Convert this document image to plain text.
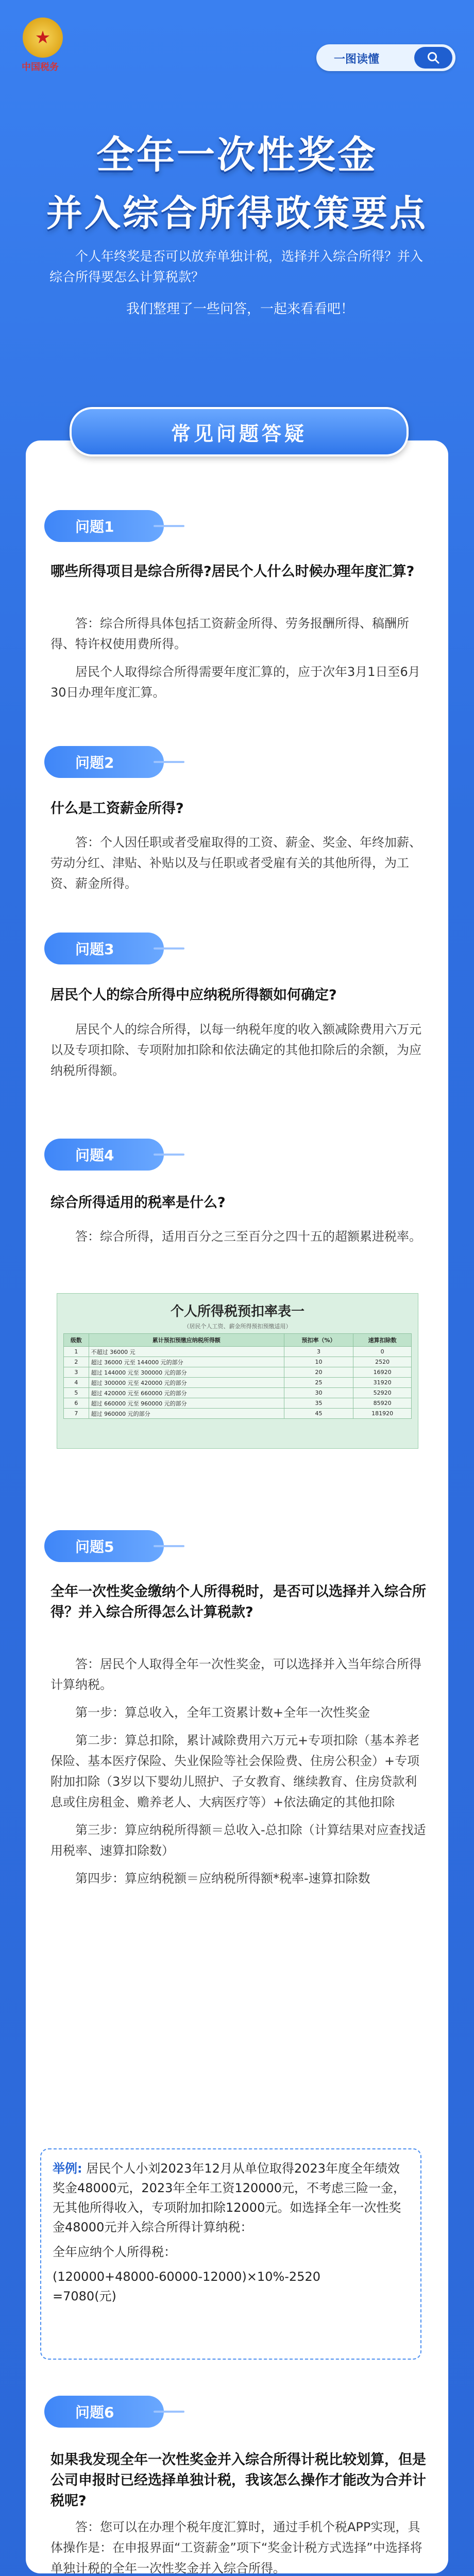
★
中国税务
一图读懂
全年一次性奖金
并入综合所得政策要点

个人年终奖是否可以放弃单独计税，选择并入综合所得？并入综合所得要怎么计算税款？

我们整理了一些问答，一起来看看吧！
常见问题答疑
问题1
哪些所得项目是综合所得?居民个人什么时候办理年度汇算?

答：综合所得具体包括工资薪金所得、劳务报酬所得、稿酬所得、特许权使用费所得。

居民个人取得综合所得需要年度汇算的，应于次年3月1日至6月30日办理年度汇算。

问题2
什么是工资薪金所得?

答：个人因任职或者受雇取得的工资、薪金、奖金、年终加薪、劳动分红、津贴、补贴以及与任职或者受雇有关的其他所得，为工资、薪金所得。

问题3
居民个人的综合所得中应纳税所得额如何确定?

居民个人的综合所得，以每一纳税年度的收入额减除费用六万元以及专项扣除、专项附加扣除和依法确定的其他扣除后的余额，为应纳税所得额。

问题4
综合所得适用的税率是什么?

答：综合所得，适用百分之三至百分之四十五的超额累进税率。

个人所得税预扣率表一
（居民个人工资、薪金所得预扣预缴适用）
级数	累计预扣预缴应纳税所得额	预扣率（%）	速算扣除数
1	不超过 36000 元	3	0
2	超过 36000 元至 144000 元的部分	10	2520
3	超过 144000 元至 300000 元的部分	20	16920
4	超过 300000 元至 420000 元的部分	25	31920
5	超过 420000 元至 660000 元的部分	30	52920
6	超过 660000 元至 960000 元的部分	35	85920
7	超过 960000 元的部分	45	181920
问题5
全年一次性奖金缴纳个人所得税时，是否可以选择并入综合所得？并入综合所得怎么计算税款?

答：居民个人取得全年一次性奖金，可以选择并入当年综合所得计算纳税。

第一步：算总收入，全年工资累计数+全年一次性奖金

第二步：算总扣除，累计减除费用六万元+专项扣除（基本养老保险、基本医疗保险、失业保险等社会保险费、住房公积金）+专项附加扣除（3岁以下婴幼儿照护、子女教育、继续教育、住房贷款利息或住房租金、赡养老人、大病医疗等）+依法确定的其他扣除

第三步：算应纳税所得额＝总收入-总扣除（计算结果对应查找适用税率、速算扣除数）

第四步：算应纳税额＝应纳税所得额*税率-速算扣除数

举例: 居民个人小刘2023年12月从单位取得2023年度全年绩效奖金48000元，2023年全年工资120000元，不考虑三险一金，无其他所得收入，专项附加扣除12000元。如选择全年一次性奖金48000元并入综合所得计算纳税：

全年应纳个人所得税：

(120000+48000-60000-12000)×10%-2520

=7080(元)

问题6
如果我发现全年一次性奖金并入综合所得计税比较划算，但是公司申报时已经选择单独计税，我该怎么操作才能改为合并计税呢?

答：您可以在办理个税年度汇算时，通过手机个税APP实现，具体操作是：在申报界面“工资薪金”项下“奖金计税方式选择”中选择将单独计税的全年一次性奖金并入综合所得。
